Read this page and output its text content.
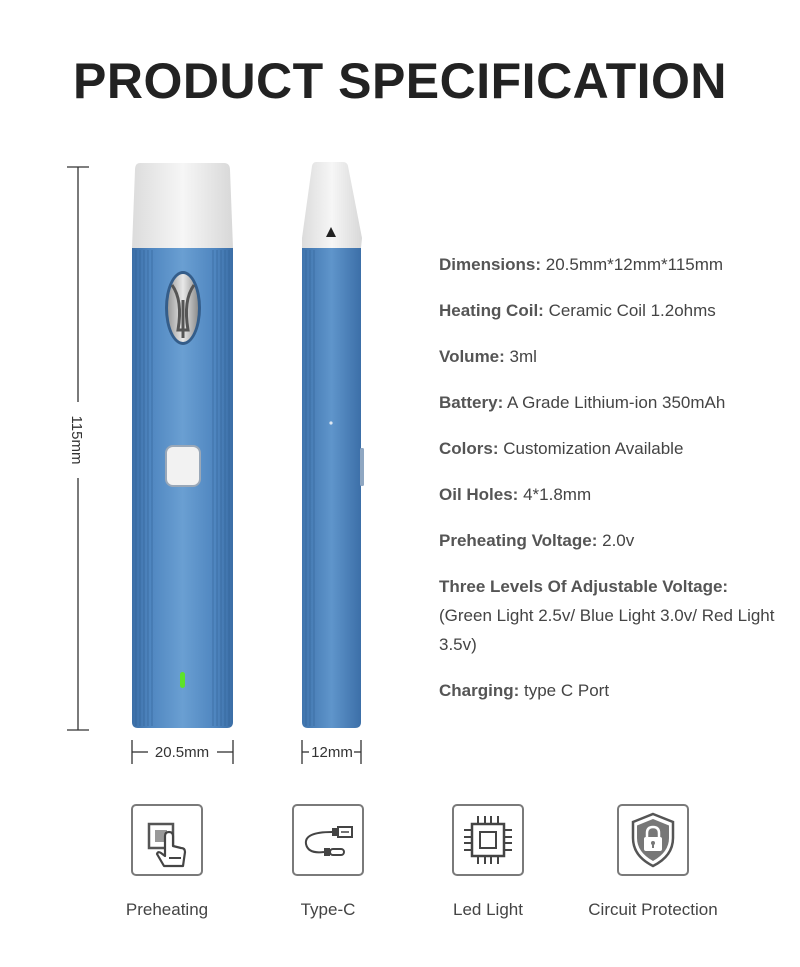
PRODUCT SPECIFICATION
115mm
20.5mm	12mm
Dimensions: 20.5mm*12mm*115mm
Heating Coil: Ceramic Coil 1.2ohms
Volume: 3ml
Battery: A Grade Lithium-ion 350mAh
Colors: Customization Available
Oil Holes: 4*1.8mm
Preheating Voltage: 2.0v
Three Levels Of Adjustable Voltage: (Green Light 2.5v/ Blue Light 3.0v/ Red Light 3.5v)
Charging: type C Port
Preheating	Type-C	Led Light	Circuit Protection
